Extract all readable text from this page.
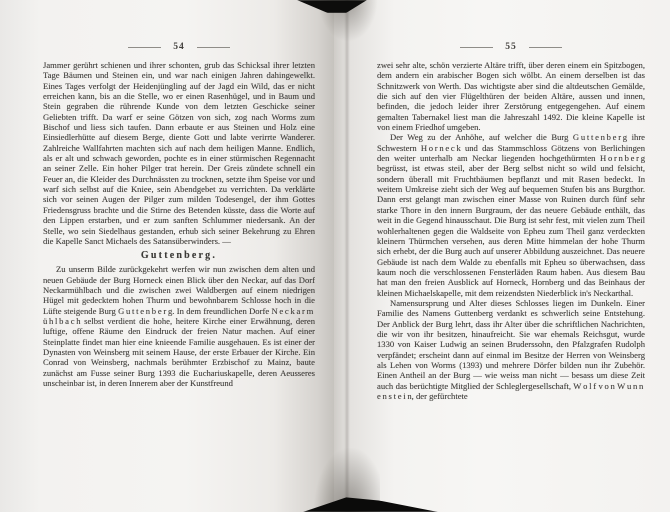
54

Jammer gerührt schienen und ihrer schonten, grub das Schicksal ihrer letzten Tage Bäumen und Steinen ein, und war nach einigen Jahren dahingewelkt. Eines Tages verfolgt der Heidenjüngling auf der Jagd ein Wild, das er nicht erreichen kann, bis an die Stelle, wo er einen Rasenhügel, und in Baum und Stein gegraben die rührende Kunde von dem letzten Geschicke seiner Geliebten trifft. Da warf er seine Götzen von sich, zog nach Worms zum Bischof und liess sich taufen. Dann erbaute er aus Steinen und Holz eine Einsiedlerhütte auf diesem Berge, diente Gott und labte verirrte Wanderer. Zahlreiche Wallfahrten machten sich auf nach dem heiligen Manne. Endlich, als er alt und schwach geworden, pochte es in einer stürmischen Regennacht an seiner Zelle. Ein hoher Pilger trat herein. Der Greis zündete schnell ein Feuer an, die Kleider des Durchnässten zu trocknen, setzte ihm Speise vor und warf sich selbst auf die Kniee, sein Abendgebet zu verrichten. Da verklärte sich vor seinen Augen der Pilger zum milden Todesengel, der ihm Gottes Friedensgruss brachte und die Stirne des Betenden küsste, dass die Worte auf den Lippen erstarben, und er zum sanften Schlummer niedersank. An der Stelle, wo sein Siedelhaus gestanden, erhub sich seiner Bekehrung zu Ehren die Kapelle Sanct Michaels des Satansüberwinders. —

Guttenberg.

Zu unserm Bilde zurückgekehrt werfen wir nun zwischen dem alten und neuen Gebäude der Burg Horneck einen Blick über den Neckar, auf das Dorf Neckarmühlbach und die zwischen zwei Waldbergen auf einem niedrigen Hügel mit gedecktem hohen Thurm und bewohnbarem Schlosse hoch in die Lüfte steigende Burg G u t t e n b e r g. In dem freundlichen Dorfe N e c k a r m ü h l b a c h selbst verdient die hohe, heitere Kirche einer Erwähnung, deren luftige, offene Räume den Eindruck der freien Natur machen. Auf einer Steinplatte findet man hier eine knieende Familie ausgehauen. Es ist einer der Dynasten von Weinsberg mit seinem Hause, der erste Erbauer der Kirche. Ein Conrad von Weinsberg, nachmals berühmter Erzbischof zu Mainz, baute zunächst am Fusse seiner Burg 1393 die Euchariuskapelle, deren Aeusseres unscheinbar ist, in deren Innerem aber der Kunstfreund

55

zwei sehr alte, schön verzierte Altäre trifft, über deren einem ein Spitzbogen, dem andern ein arabischer Bogen sich wölbt. An einem derselben ist das Schnitzwerk von Werth. Das wichtigste aber sind die altdeutschen Gemälde, die sich auf den vier Flügelthüren der beiden Altäre, aussen und innen, befinden, die jedoch leider ihrer Zerstörung entgegengehen. Auf einem gemalten Tabernakel liest man die Jahreszahl 1492. Die kleine Kapelle ist von einem Friedhof umgeben.

Der Weg zu der Anhöhe, auf welcher die Burg G u t t e n b e r g ihre Schwestern H o r n e c k und das Stammschloss Götzens von Berlichingen den weiter unterhalb am Neckar liegenden hochgethürmten H o r n b e r g begrüsst, ist etwas steil, aber der Berg selbst nicht so wild und felsicht, sondern überall mit Fruchtbäumen bepflanzt und mit Rasen bedeckt. In weitem Umkreise zieht sich der Weg auf bequemen Stufen bis ans Burgthor. Dann erst gelangt man zwischen einer Masse von Ruinen durch fünf sehr starke Thore in den innern Burgraum, der das neuere Gebäude enthält, das weit in die Gegend hinausschaut. Die Burg ist sehr fest, mit vielen zum Theil wohlerhaltenen gegen die Waldseite von Epheu zum Theil ganz verdeckten kleinern Thürmchen versehen, aus deren Mitte himmelan der hohe Thurm sich erhebt, der die Burg auch auf unserer Abbildung auszeichnet. Das neuere Gebäude ist nach dem Walde zu ebenfalls mit Epheu so überwachsen, dass kaum noch die verschlossenen Fensterläden Raum haben. Aus diesem Bau hat man den freien Ausblick auf Horneck, Hornberg und das Beinhaus der kleinen Michaelskapelle, mit dem reizendsten Niederblick in's Neckarthal.

Namensursprung und Alter dieses Schlosses liegen im Dunkeln. Einer Familie des Namens Guttenberg verdankt es schwerlich seine Entstehung. Der Anblick der Burg lehrt, dass ihr Alter über die schriftlichen Nachrichten, die wir von ihr besitzen, hinaufreicht. Sie war ehemals Reichsgut, wurde 1330 von Kaiser Ludwig an seinen Bruderssohn, den Pfalzgrafen Rudolph verpfändet; erscheint dann auf einmal im Besitze der Herren von Weinsberg als Lehen von Worms (1393) und mehrere Dörfer bilden nun ihr Zubehör. Einen Antheil an der Burg — wie weiss man nicht — besass um diese Zeit auch das berüchtigte Mitglied der Schleglergesellschaft, W o l f v o n W u n n e n s t e i n, der gefürchtete
